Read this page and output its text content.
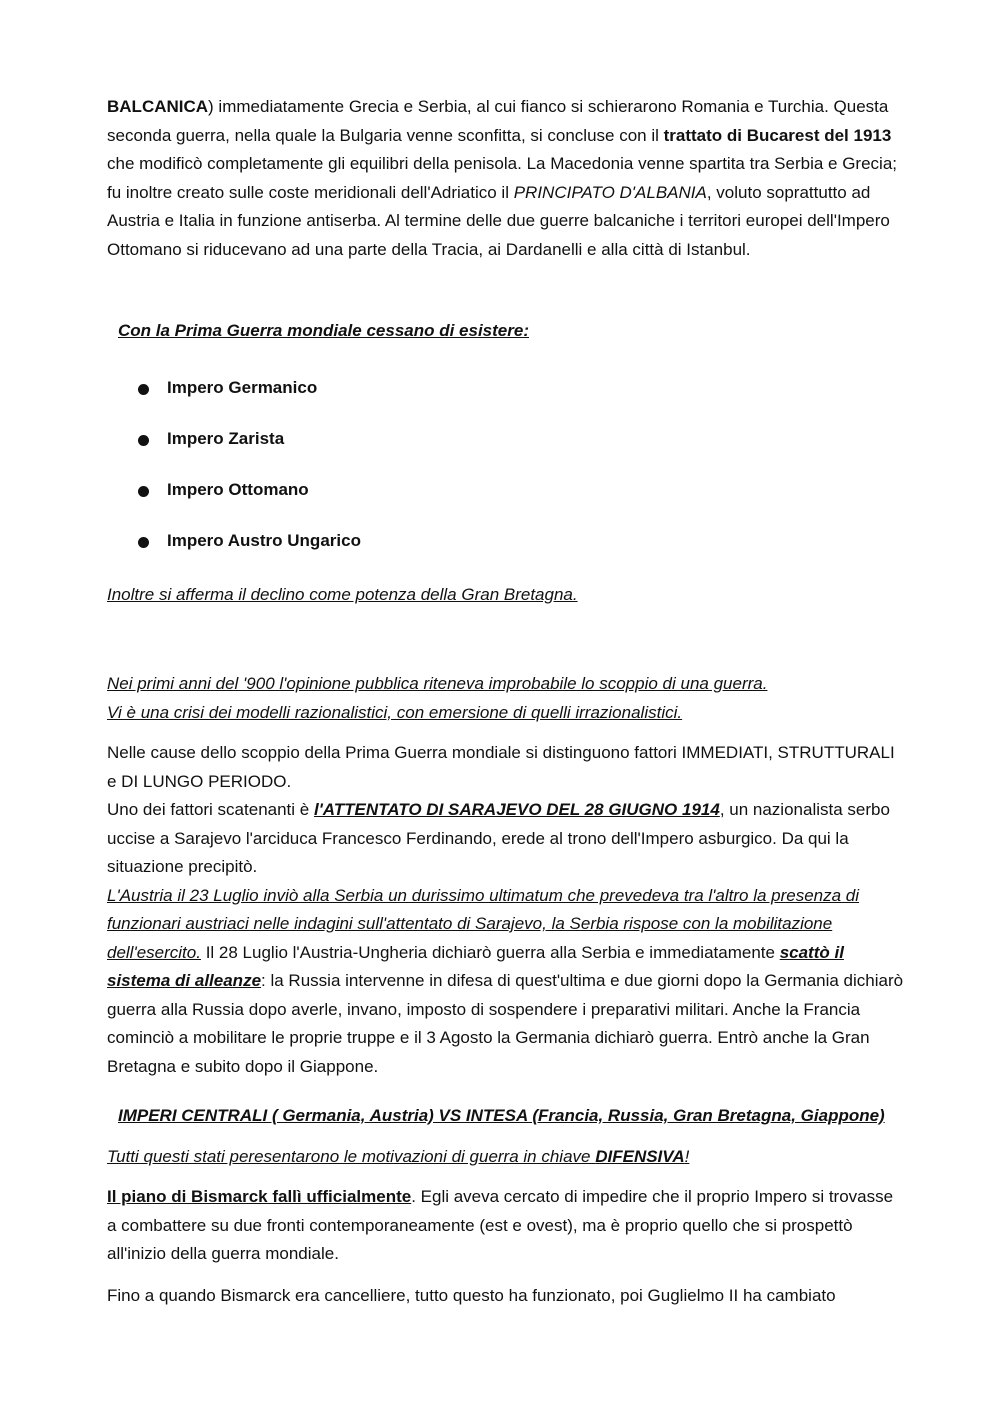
BALCANICA) immediatamente Grecia e Serbia, al cui fianco si schierarono Romania e Turchia. Questa seconda guerra, nella quale la Bulgaria venne sconfitta, si concluse con il trattato di Bucarest del 1913 che modificò completamente gli equilibri della penisola. La Macedonia venne spartita tra Serbia e Grecia; fu inoltre creato sulle coste meridionali dell'Adriatico il PRINCIPATO D'ALBANIA, voluto soprattutto ad Austria e Italia in funzione antiserba. Al termine delle due guerre balcaniche i territori europei dell'Impero Ottomano si riducevano ad una parte della Tracia, ai Dardanelli e alla città di Istanbul.

Con la Prima Guerra mondiale cessano di esistere:

Impero Germanico
Impero Zarista
Impero Ottomano
Impero Austro Ungarico

Inoltre si afferma il declino come potenza della Gran Bretagna.

Nei primi anni del '900 l'opinione pubblica riteneva improbabile lo scoppio di una guerra.
Vi è una crisi dei modelli razionalistici, con emersione di quelli irrazionalistici.

Nelle cause dello scoppio della Prima Guerra mondiale si distinguono fattori IMMEDIATI, STRUTTURALI e DI LUNGO PERIODO.
Uno dei fattori scatenanti è l'ATTENTATO DI SARAJEVO DEL 28 GIUGNO 1914, un nazionalista serbo uccise a Sarajevo l'arciduca Francesco Ferdinando, erede al trono dell'Impero asburgico. Da qui la situazione precipitò.
L'Austria il 23 Luglio inviò alla Serbia un durissimo ultimatum che prevedeva tra l'altro la presenza di funzionari austriaci nelle indagini sull'attentato di Sarajevo, la Serbia rispose con la mobilitazione dell'esercito. Il 28 Luglio l'Austria-Ungheria dichiarò guerra alla Serbia e immediatamente scattò il sistema di alleanze: la Russia intervenne in difesa di quest'ultima e due giorni dopo la Germania dichiarò guerra alla Russia dopo averle, invano, imposto di sospendere i preparativi militari. Anche la Francia cominciò a mobilitare le proprie truppe e il 3 Agosto la Germania dichiarò guerra. Entrò anche la Gran Bretagna e subito dopo il Giappone.

IMPERI CENTRALI ( Germania, Austria) VS INTESA (Francia, Russia, Gran Bretagna, Giappone)

Tutti questi stati peresentarono le motivazioni di guerra in chiave DIFENSIVA!

Il piano di Bismarck fallì ufficialmente. Egli aveva cercato di impedire che il proprio Impero si trovasse a combattere su due fronti contemporaneamente (est e ovest), ma è proprio quello che si prospettò all'inizio della guerra mondiale.

Fino a quando Bismarck era cancelliere, tutto questo ha funzionato, poi Guglielmo II ha cambiato
